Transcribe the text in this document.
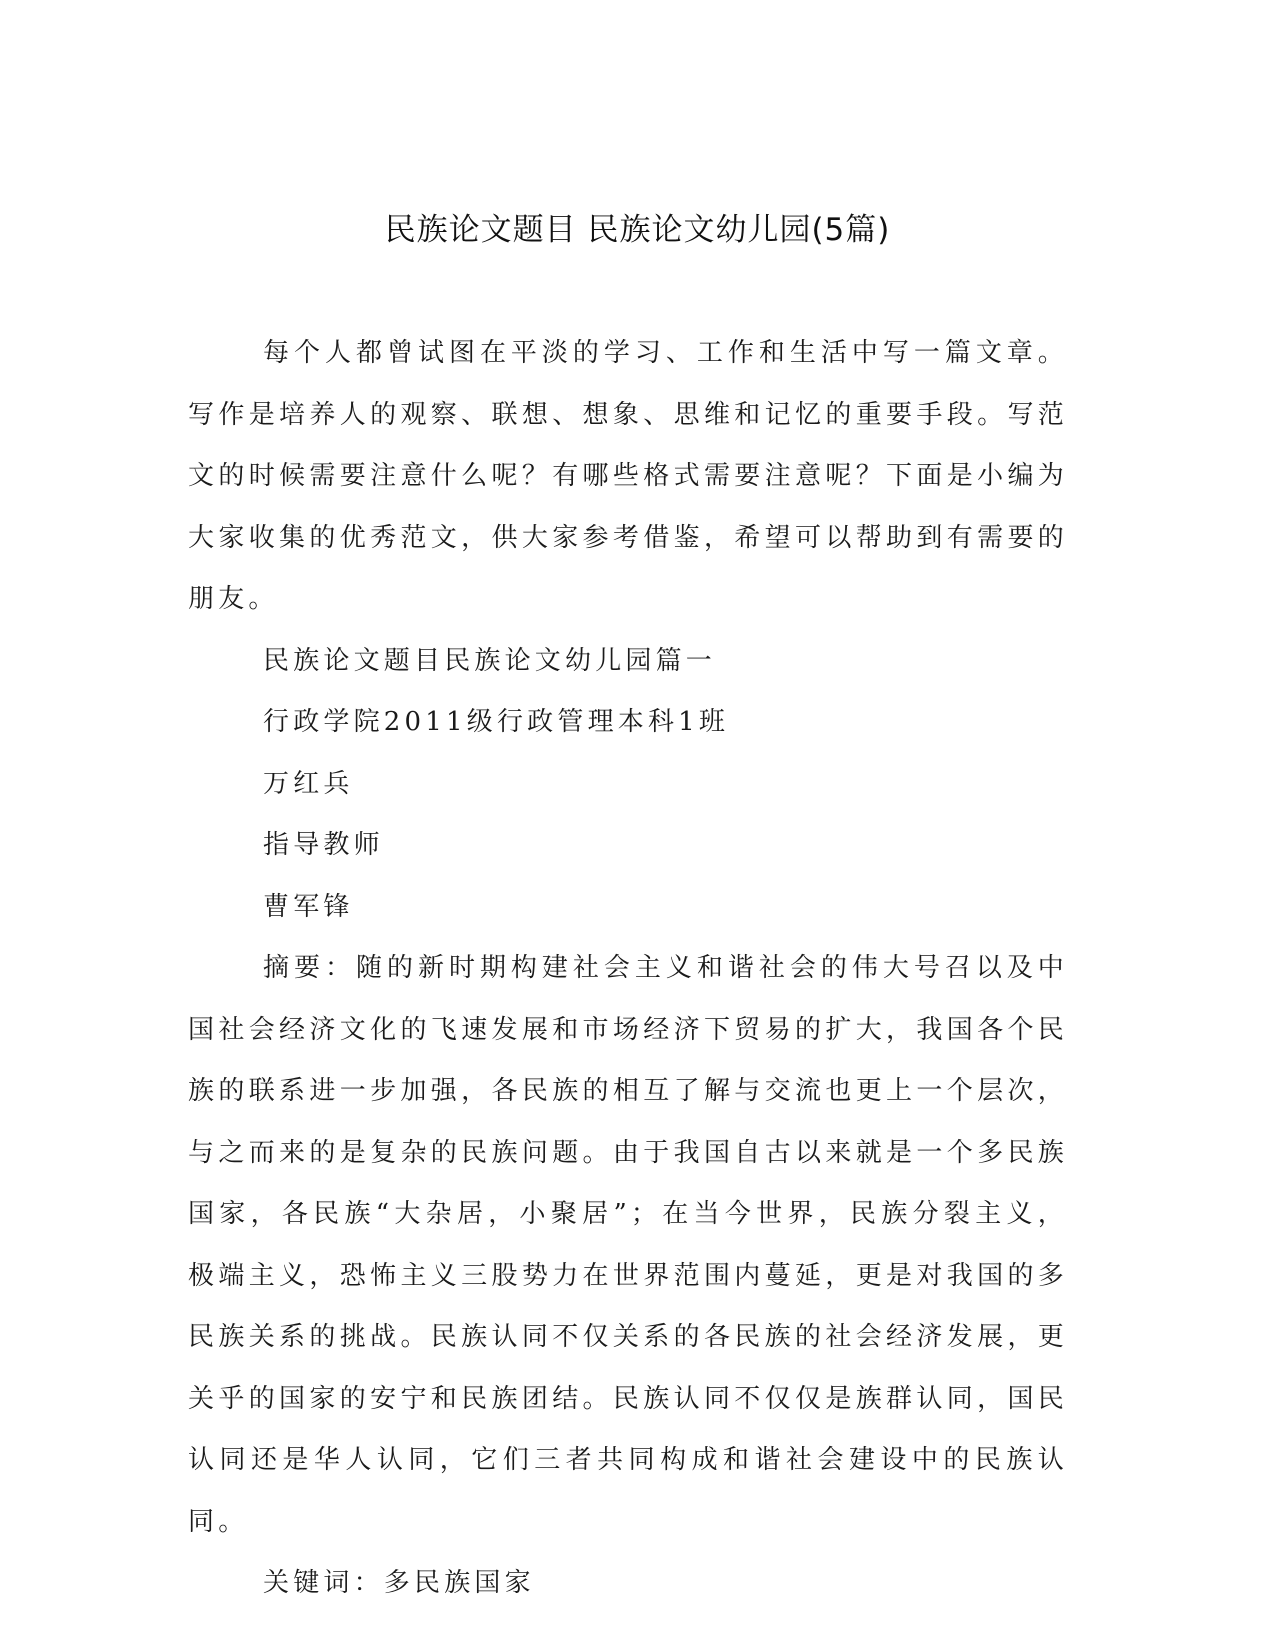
民族论文题目 民族论文幼儿园(5篇)

每个人都曾试图在平淡的学习、工作和生活中写一篇文章。写作是培养人的观察、联想、想象、思维和记忆的重要手段。写范文的时候需要注意什么呢？有哪些格式需要注意呢？下面是小编为大家收集的优秀范文，供大家参考借鉴，希望可以帮助到有需要的朋友。

民族论文题目民族论文幼儿园篇一

行政学院2011级行政管理本科1班

万红兵

指导教师

曹军锋

摘要：随的新时期构建社会主义和谐社会的伟大号召以及中国社会经济文化的飞速发展和市场经济下贸易的扩大，我国各个民族的联系进一步加强，各民族的相互了解与交流也更上一个层次，与之而来的是复杂的民族问题。由于我国自古以来就是一个多民族国家，各民族“大杂居，小聚居”；在当今世界，民族分裂主义，极端主义，恐怖主义三股势力在世界范围内蔓延，更是对我国的多民族关系的挑战。民族认同不仅关系的各民族的社会经济发展，更关乎的国家的安宁和民族团结。民族认同不仅仅是族群认同，国民认同还是华人认同，它们三者共同构成和谐社会建设中的民族认同。

关键词：多民族国家
